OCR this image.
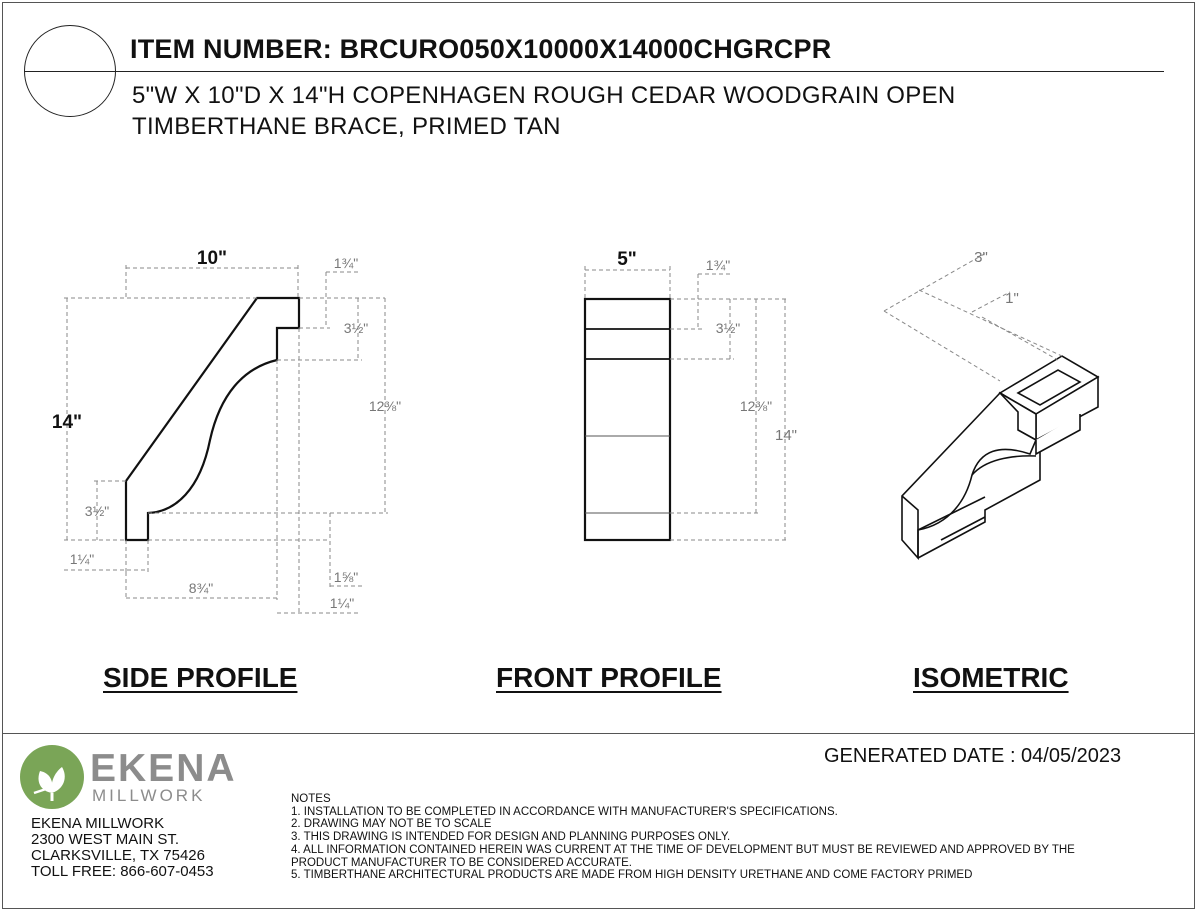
ITEM NUMBER: BRCURO050X10000X14000CHGRCPR
5"W X 10"D X 14"H COPENHAGEN ROUGH CEDAR WOODGRAIN OPEN
TIMBERTHANE BRACE, PRIMED TAN
10"
14"
1¾"
3½"
12⅜"
3½"
1¼"
8¾"
1⅝"
1¼"
5"	1¾"
3½"
12⅜"
14"
3"
1"
SIDE PROFILE	FRONT PROFILE	ISOMETRIC
EKENA
MILLWORK
EKENA MILLWORK
2300 WEST MAIN ST.
CLARKSVILLE, TX 75426
TOLL FREE: 866-607-0453
GENERATED DATE : 04/05/2023
NOTES
1. INSTALLATION TO BE COMPLETED IN ACCORDANCE WITH MANUFACTURER'S SPECIFICATIONS.
2. DRAWING MAY NOT BE TO SCALE
3. THIS DRAWING IS INTENDED FOR DESIGN AND PLANNING PURPOSES ONLY.
4. ALL INFORMATION CONTAINED HEREIN WAS CURRENT AT THE TIME OF DEVELOPMENT BUT MUST BE REVIEWED AND APPROVED BY THE
PRODUCT MANUFACTURER TO BE CONSIDERED ACCURATE.
5. TIMBERTHANE ARCHITECTURAL PRODUCTS ARE MADE FROM HIGH DENSITY URETHANE AND COME FACTORY PRIMED
